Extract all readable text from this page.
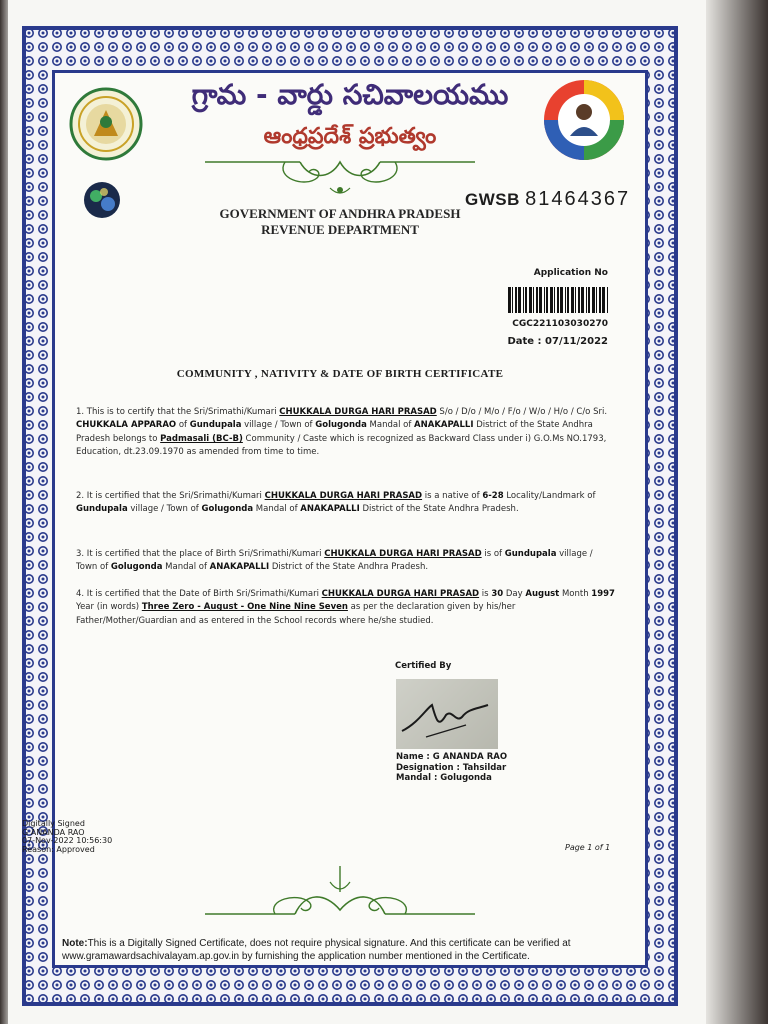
గ్రామ - వార్డు సచివాలయము
ఆంధ్రప్రదేశ్ ప్రభుత్వం
GWSB 81464367
GOVERNMENT OF ANDHRA PRADESH
REVENUE DEPARTMENT
Application No
CGC221103030270
Date : 07/11/2022
COMMUNITY , NATIVITY & DATE OF BIRTH CERTIFICATE
1. This is to certify that the Sri/Srimathi/Kumari CHUKKALA DURGA HARI PRASAD S/o / D/o / M/o / F/o / W/o / H/o / C/o Sri. CHUKKALA APPARAO of Gundupala village / Town of Golugonda Mandal of ANAKAPALLI District of the State Andhra Pradesh belongs to Padmasali (BC-B) Community / Caste which is recognized as Backward Class under i) G.O.Ms NO.1793, Education, dt.23.09.1970 as amended from time to time.
2. It is certified that the Sri/Srimathi/Kumari CHUKKALA DURGA HARI PRASAD is a native of 6-28 Locality/Landmark of Gundupala village / Town of Golugonda Mandal of ANAKAPALLI District of the State Andhra Pradesh.
3. It is certified that the place of Birth Sri/Srimathi/Kumari CHUKKALA DURGA HARI PRASAD is of Gundupala village / Town of Golugonda Mandal of ANAKAPALLI District of the State Andhra Pradesh.
4. It is certified that the Date of Birth Sri/Srimathi/Kumari CHUKKALA DURGA HARI PRASAD is 30 Day August Month 1997 Year (in words) Three Zero - August - One Nine Nine Seven as per the declaration given by his/her Father/Mother/Guardian and as entered in the School records where he/she studied.
Certified By
Name : G ANANDA RAO
Designation : Tahsildar
Mandal : Golugonda
Digitally Signed
G ANANDA RAO
07-Nov-2022 10:56:30
Reason: Approved	Page 1 of 1
Note:This is a Digitally Signed Certificate, does not require physical signature. And this certificate can be verified at www.gramawardsachivalayam.ap.gov.in by furnishing the application number mentioned in the Certificate.
